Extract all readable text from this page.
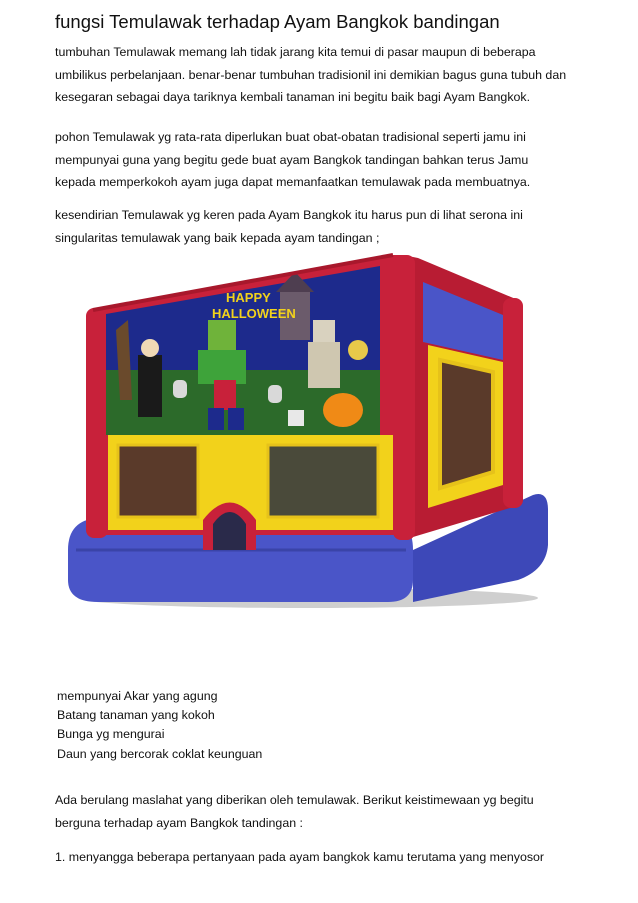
fungsi Temulawak terhadap Ayam Bangkok bandingan
tumbuhan Temulawak memang lah tidak jarang kita temui di pasar maupun di beberapa
umbilikus perbelanjaan. benar-benar tumbuhan tradisionil ini demikian bagus guna tubuh dan
kesegaran sebagai daya tariknya kembali tanaman ini begitu baik bagi Ayam Bangkok.
pohon Temulawak yg rata-rata diperlukan buat obat-obatan tradisional seperti jamu ini
mempunyai guna yang begitu gede buat ayam Bangkok tandingan bahkan terus Jamu
kepada memperkokoh ayam juga dapat memanfaatkan temulawak pada membuatnya.
kesendirian Temulawak yg keren pada Ayam Bangkok itu harus pun di lihat serona ini
singularitas temulawak yang baik kepada ayam tandingan ;
HAPPY
HALLOWEEN
mempunyai Akar yang agung
Batang tanaman yang kokoh
Bunga yg mengurai
Daun yang bercorak coklat keunguan
Ada berulang maslahat yang diberikan oleh temulawak. Berikut keistimewaan yg begitu
berguna terhadap ayam Bangkok tandingan :
1. menyangga beberapa pertanyaan pada ayam bangkok kamu terutama yang menyosor
